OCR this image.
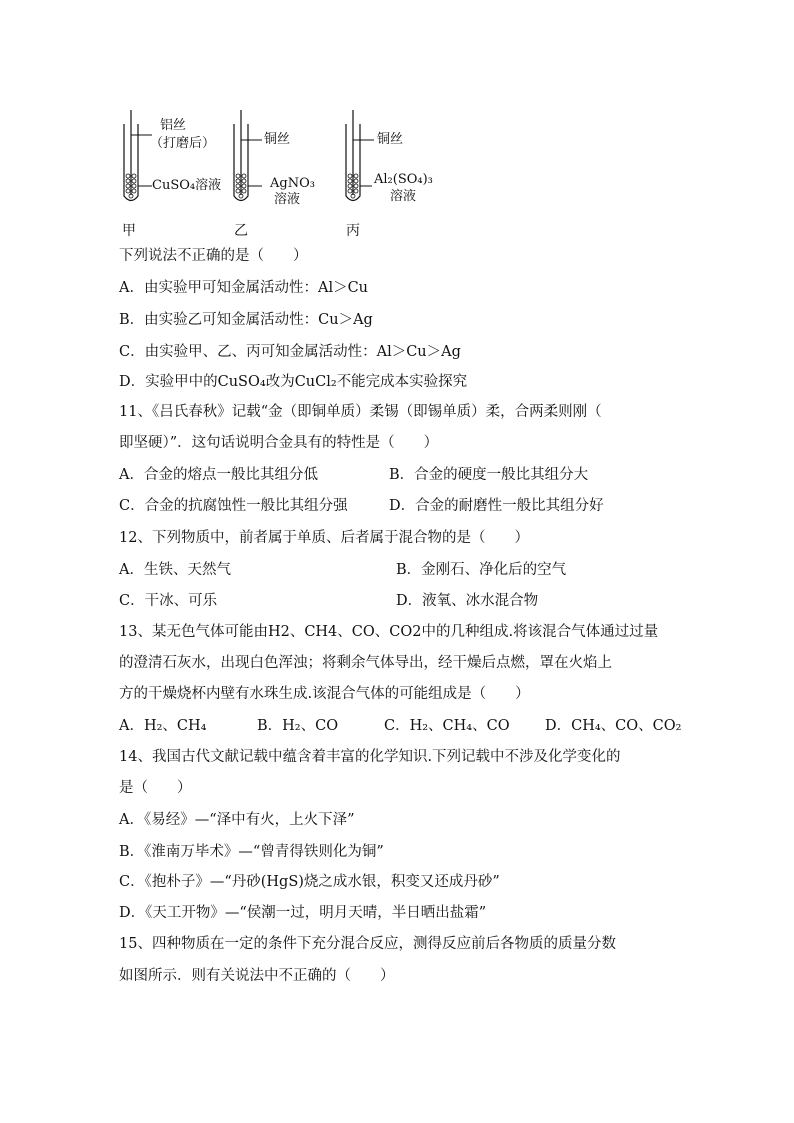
铝丝
（打磨后）
CuSO₄溶液
甲
铜丝
AgNO₃
溶液
乙
铜丝
Al₂(SO₄)₃
溶液
丙
下列说法不正确的是（　　）
A．由实验甲可知金属活动性：Al＞Cu
B．由实验乙可知金属活动性：Cu＞Ag
C．由实验甲、乙、丙可知金属活动性：Al＞Cu＞Ag
D．实验甲中的CuSO₄改为CuCl₂不能完成本实验探究
11、《吕氏春秋》记载“金（即铜单质）柔锡（即锡单质）柔，合两柔则刚（
即坚硬）”．这句话说明合金具有的特性是（　　）
A．合金的熔点一般比其组分低	B．合金的硬度一般比其组分大
C．合金的抗腐蚀性一般比其组分强	D．合金的耐磨性一般比其组分好
12、下列物质中，前者属于单质、后者属于混合物的是（　　）
A．生铁、天然气	B．金刚石、净化后的空气
C．干冰、可乐	D．液氧、冰水混合物
13、某无色气体可能由H2、CH4、CO、CO2中的几种组成.将该混合气体通过过量
的澄清石灰水，出现白色浑浊；将剩余气体导出，经干燥后点燃，罩在火焰上
方的干燥烧杯内壁有水珠生成.该混合气体的可能组成是（　　）
A．H₂、CH₄	B．H₂、CO	C．H₂、CH₄、CO D．CH₄、CO、CO₂
14、我国古代文献记载中蕴含着丰富的化学知识.下列记载中不涉及化学变化的
是（　　）
A．《易经》—“泽中有火，上火下泽”
B．《淮南万毕术》—“曾青得铁则化为铜”
C．《抱朴子》—“丹砂(HgS)烧之成水银，积变又还成丹砂”
D．《天工开物》—“侯潮一过，明月天晴，半日晒出盐霜”
15、四种物质在一定的条件下充分混合反应，测得反应前后各物质的质量分数
如图所示．则有关说法中不正确的（　　）
